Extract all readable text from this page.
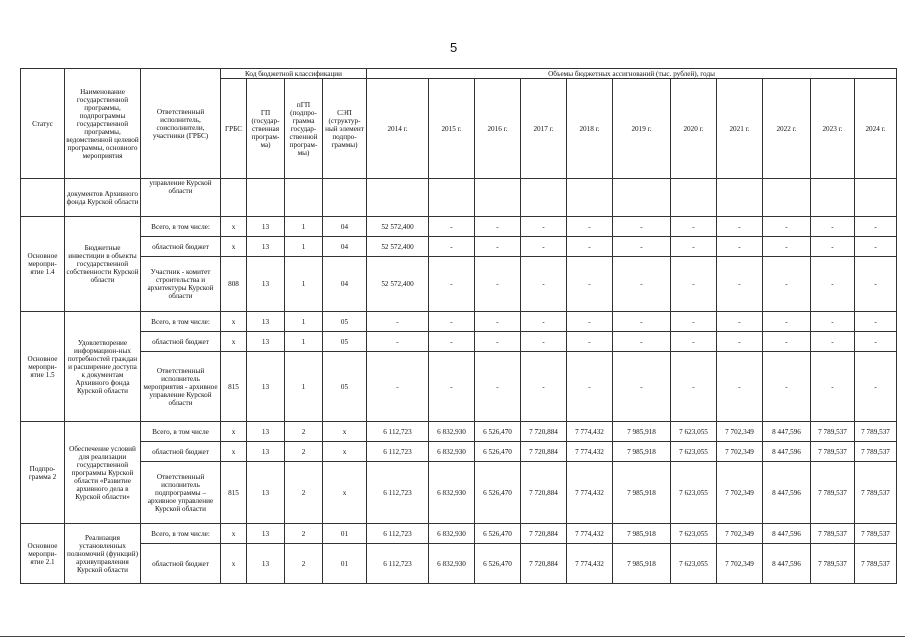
5
Статус	Наименование государственной программы, подпрограммы государственной программы, ведомственной целевой программы, основного мероприятия	Ответственный исполнитель, соисполнители, участники (ГРБС)	Код бюджетной классификации				Объемы бюджетных ассигнований (тыс. рублей), годы										
			ГРБС	ГП (государ-ственная програм-ма)	пГП (подпро-грамма государ-ственной програм-мы)	СЭП (структур-ный элемент подпро-граммы)	2014 г.	2015 г.	2016 г.	2017 г.	2018 г.	2019 г.	2020 г.	2021 г.	2022 г.	2023 г.	2024 г.
	документов Архивного фонда Курской области	управление Курской области															
Основное меропри-ятие 1.4	Бюджетные инвестиции в объекты государственной собственности Курской области	Всего, в том числе:	x	13	1	04	52 572,400	-	-	-	-	-	-	-	-	-	-
		областной бюджет	x	13	1	04	52 572,400	-	-	-	-	-	-	-	-	-	-
		Участник - комитет строительства и архитектуры Курской области	808	13	1	04	52 572,400	-	-	-	-	-	-	-	-	-	-
Основное меропри-ятие 1.5	Удовлетворение информацион-ных потребностей граждан и расширение доступа к документам Архивного фонда Курской области	Всего, в том числе:	x	13	1	05	-	-	-	-	-	-	-	-	-	-	-
		областной бюджет	x	13	1	05	-	-	-	-	-	-	-	-	-	-	-
		Ответственный исполнитель мероприятия - архивное управление Курской области	815	13	1	05	-	-	-	-	-	-	-	-	-	-	-
Подпро-грамма 2	Обеспечение условий для реализации государственной программы Курской области «Развитие архивного дела в Курской области»	Всего, в том числе	x	13	2	x	6 112,723	6 832,930	6 526,470	7 720,884	7 774,432	7 985,918	7 623,055	7 702,349	8 447,596	7 789,537	7 789,537
		областной бюджет	x	13	2	x	6 112,723	6 832,930	6 526,470	7 720,884	7 774,432	7 985,918	7 623,055	7 702,349	8 447,596	7 789,537	7 789,537
		Ответственный исполнитель подпрограммы – архивное управление Курской области	815	13	2	x	6 112,723	6 832,930	6 526,470	7 720,884	7 774,432	7 985,918	7 623,055	7 702,349	8 447,596	7 789,537	7 789,537
Основное меропри-ятие 2.1	Реализация установленных полномочий (функций) архивуправления Курской области	Всего, в том числе:	x	13	2	01	6 112,723	6 832,930	6 526,470	7 720,884	7 774,432	7 985,918	7 623,055	7 702,349	8 447,596	7 789,537	7 789,537
		областной бюджет	x	13	2	01	6 112,723	6 832,930	6 526,470	7 720,884	7 774,432	7 985,918	7 623,055	7 702,349	8 447,596	7 789,537	7 789,537
